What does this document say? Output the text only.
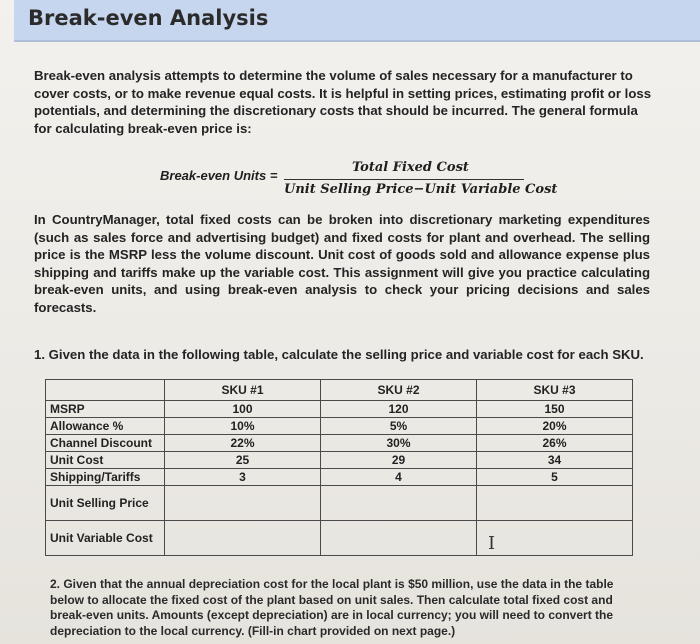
Break-even Analysis
Break-even analysis attempts to determine the volume of sales necessary for a manufacturer to cover costs, or to make revenue equal costs. It is helpful in setting prices, estimating profit or loss potentials, and determining the discretionary costs that should be incurred. The general formula for calculating break-even price is:
Break-even Units =
Total Fixed Cost
Unit Selling Price−Unit Variable Cost
In CountryManager, total fixed costs can be broken into discretionary marketing expenditures (such as sales force and advertising budget) and fixed costs for plant and overhead. The selling price is the MSRP less the volume discount. Unit cost of goods sold and allowance expense plus shipping and tariffs make up the variable cost. This assignment will give you practice calculating break-even units, and using break-even analysis to check your pricing decisions and sales forecasts.
1. Given the data in the following table, calculate the selling price and variable cost for each SKU.
	SKU #1	SKU #2	SKU #3
MSRP	100	120	150
Allowance %	10%	5%	20%
Channel Discount	22%	30%	26%
Unit Cost	25	29	34
Shipping/Tariffs	3	4	5
Unit Selling Price			
Unit Variable Cost				I
2. Given that the annual depreciation cost for the local plant is $50 million, use the data in the table below to allocate the fixed cost of the plant based on unit sales. Then calculate total fixed cost and break-even units. Amounts (except depreciation) are in local currency; you will need to convert the depreciation to the local currency. (Fill-in chart provided on next page.)
